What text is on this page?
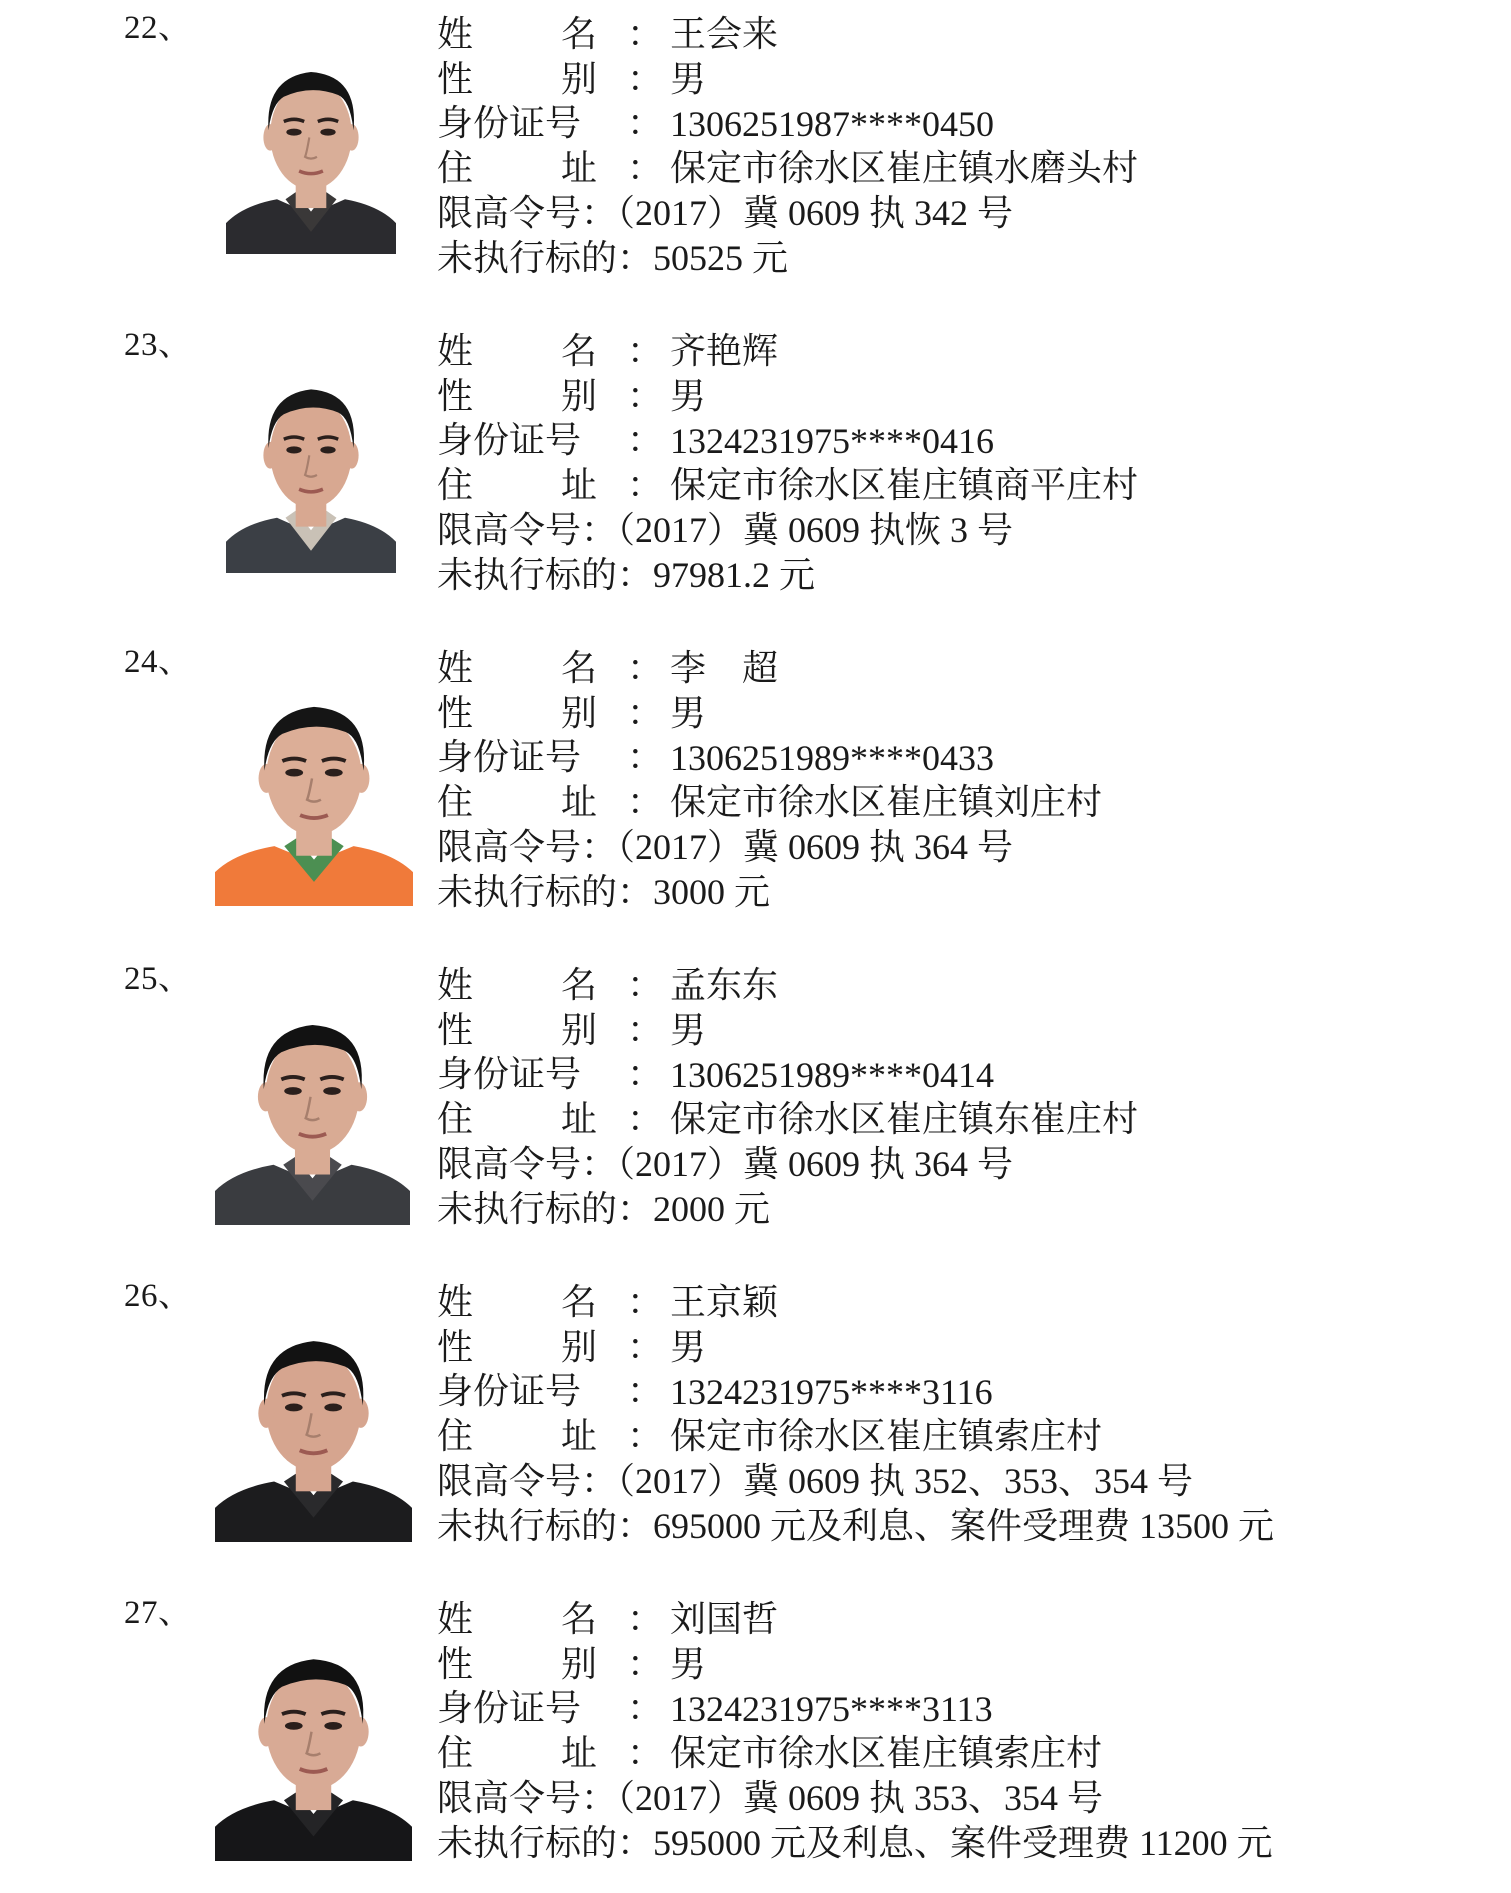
22、	姓 名 ： 王会来
性 别 ： 男
身份证号 ： 1306251987****0450
住 址 ： 保定市徐水区崔庄镇水磨头村
限高令号：（2017）冀 0609 执 342 号
未执行标的：50525 元
23、	姓 名 ： 齐艳辉
性 别 ： 男
身份证号 ： 1324231975****0416
住 址 ： 保定市徐水区崔庄镇商平庄村
限高令号：（2017）冀 0609 执恢 3 号
未执行标的：97981.2 元
24、	姓 名 ： 李　超
性 别 ： 男
身份证号 ： 1306251989****0433
住 址 ： 保定市徐水区崔庄镇刘庄村
限高令号：（2017）冀 0609 执 364 号
未执行标的：3000 元
25、	姓 名 ： 孟东东
性 别 ： 男
身份证号 ： 1306251989****0414
住 址 ： 保定市徐水区崔庄镇东崔庄村
限高令号：（2017）冀 0609 执 364 号
未执行标的：2000 元
26、	姓 名 ： 王京颖
性 别 ： 男
身份证号 ： 1324231975****3116
住 址 ： 保定市徐水区崔庄镇索庄村
限高令号：（2017）冀 0609 执 352、353、354 号
未执行标的：695000 元及利息、案件受理费 13500 元
27、	姓 名 ： 刘国哲
性 别 ： 男
身份证号 ： 1324231975****3113
住 址 ： 保定市徐水区崔庄镇索庄村
限高令号：（2017）冀 0609 执 353、354 号
未执行标的：595000 元及利息、案件受理费 11200 元
